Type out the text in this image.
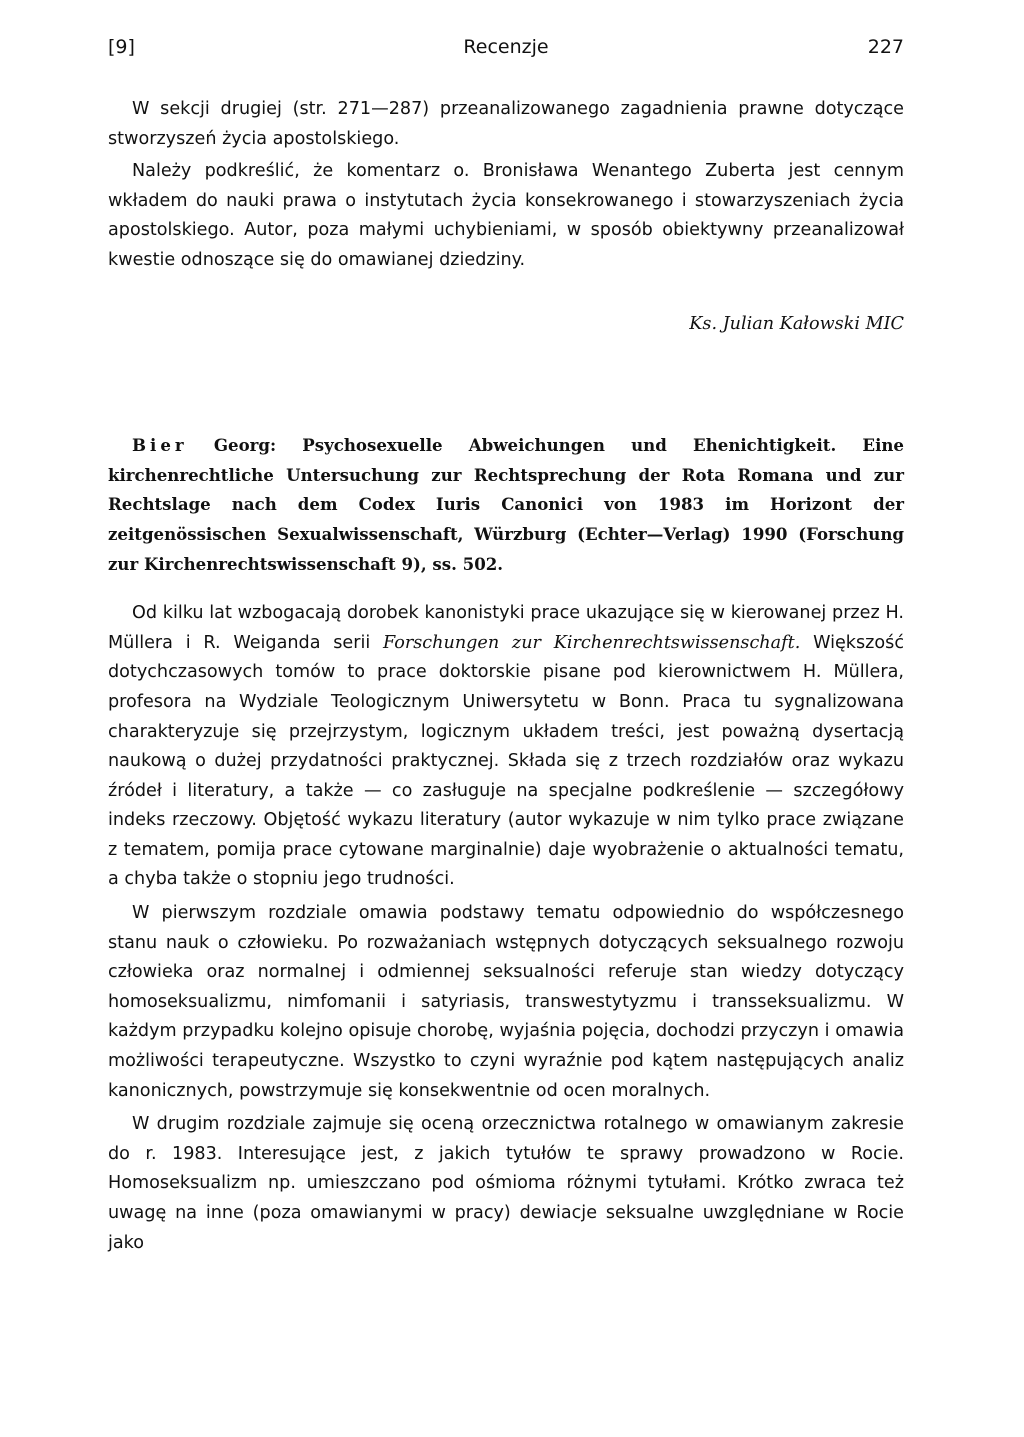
[9]	Recenzje	227

W sekcji drugiej (str. 271—287) przeanalizowanego zagadnienia prawne dotyczące stworzyszeń życia apostolskiego.

Należy podkreślić, że komentarz o. Bronisława Wenantego Zuberta jest cennym wkładem do nauki prawa o instytutach życia konsekrowanego i stowarzyszeniach życia apostolskiego. Autor, poza małymi uchybieniami, w sposób obiektywny przeanalizował kwestie odnoszące się do omawianej dziedziny.

Ks. Julian Kałowski MIC
Bier Georg: Psychosexuelle Abweichungen und Ehenichtigkeit. Eine kirchenrechtliche Untersuchung zur Rechtsprechung der Rota Romana und zur Rechtslage nach dem Codex Iuris Canonici von 1983 im Horizont der zeitgenössischen Sexualwissenschaft, Würzburg (Echter—Verlag) 1990 (Forschung zur Kirchenrechtswissenschaft 9), ss. 502.

Od kilku lat wzbogacają dorobek kanonistyki prace ukazujące się w kierowanej przez H. Müllera i R. Weiganda serii Forschungen zur Kirchenrechtswissenschaft. Większość dotychczasowych tomów to prace doktorskie pisane pod kierownictwem H. Müllera, profesora na Wydziale Teologicznym Uniwersytetu w Bonn. Praca tu sygnalizowana charakteryzuje się przejrzystym, logicznym układem treści, jest poważną dysertacją naukową o dużej przydatności praktycznej. Składa się z trzech rozdziałów oraz wykazu źródeł i literatury, a także — co zasługuje na specjalne podkreślenie — szczegółowy indeks rzeczowy. Objętość wykazu literatury (autor wykazuje w nim tylko prace związane z tematem, pomija prace cytowane marginalnie) daje wyobrażenie o aktualności tematu, a chyba także o stopniu jego trudności.

W pierwszym rozdziale omawia podstawy tematu odpowiednio do współczesnego stanu nauk o człowieku. Po rozważaniach wstępnych dotyczących seksualnego rozwoju człowieka oraz normalnej i odmiennej seksualności referuje stan wiedzy dotyczący homoseksualizmu, nimfomanii i satyriasis, transwestytyzmu i transseksualizmu. W każdym przypadku kolejno opisuje chorobę, wyjaśnia pojęcia, dochodzi przyczyn i omawia możliwości terapeutyczne. Wszystko to czyni wyraźnie pod kątem następujących analiz kanonicznych, powstrzymuje się konsekwentnie od ocen moralnych.

W drugim rozdziale zajmuje się oceną orzecznictwa rotalnego w omawianym zakresie do r. 1983. Interesujące jest, z jakich tytułów te sprawy prowadzono w Rocie. Homoseksualizm np. umieszczano pod ośmioma różnymi tytułami. Krótko zwraca też uwagę na inne (poza omawianymi w pracy) dewiacje seksualne uwzględniane w Rocie jako
